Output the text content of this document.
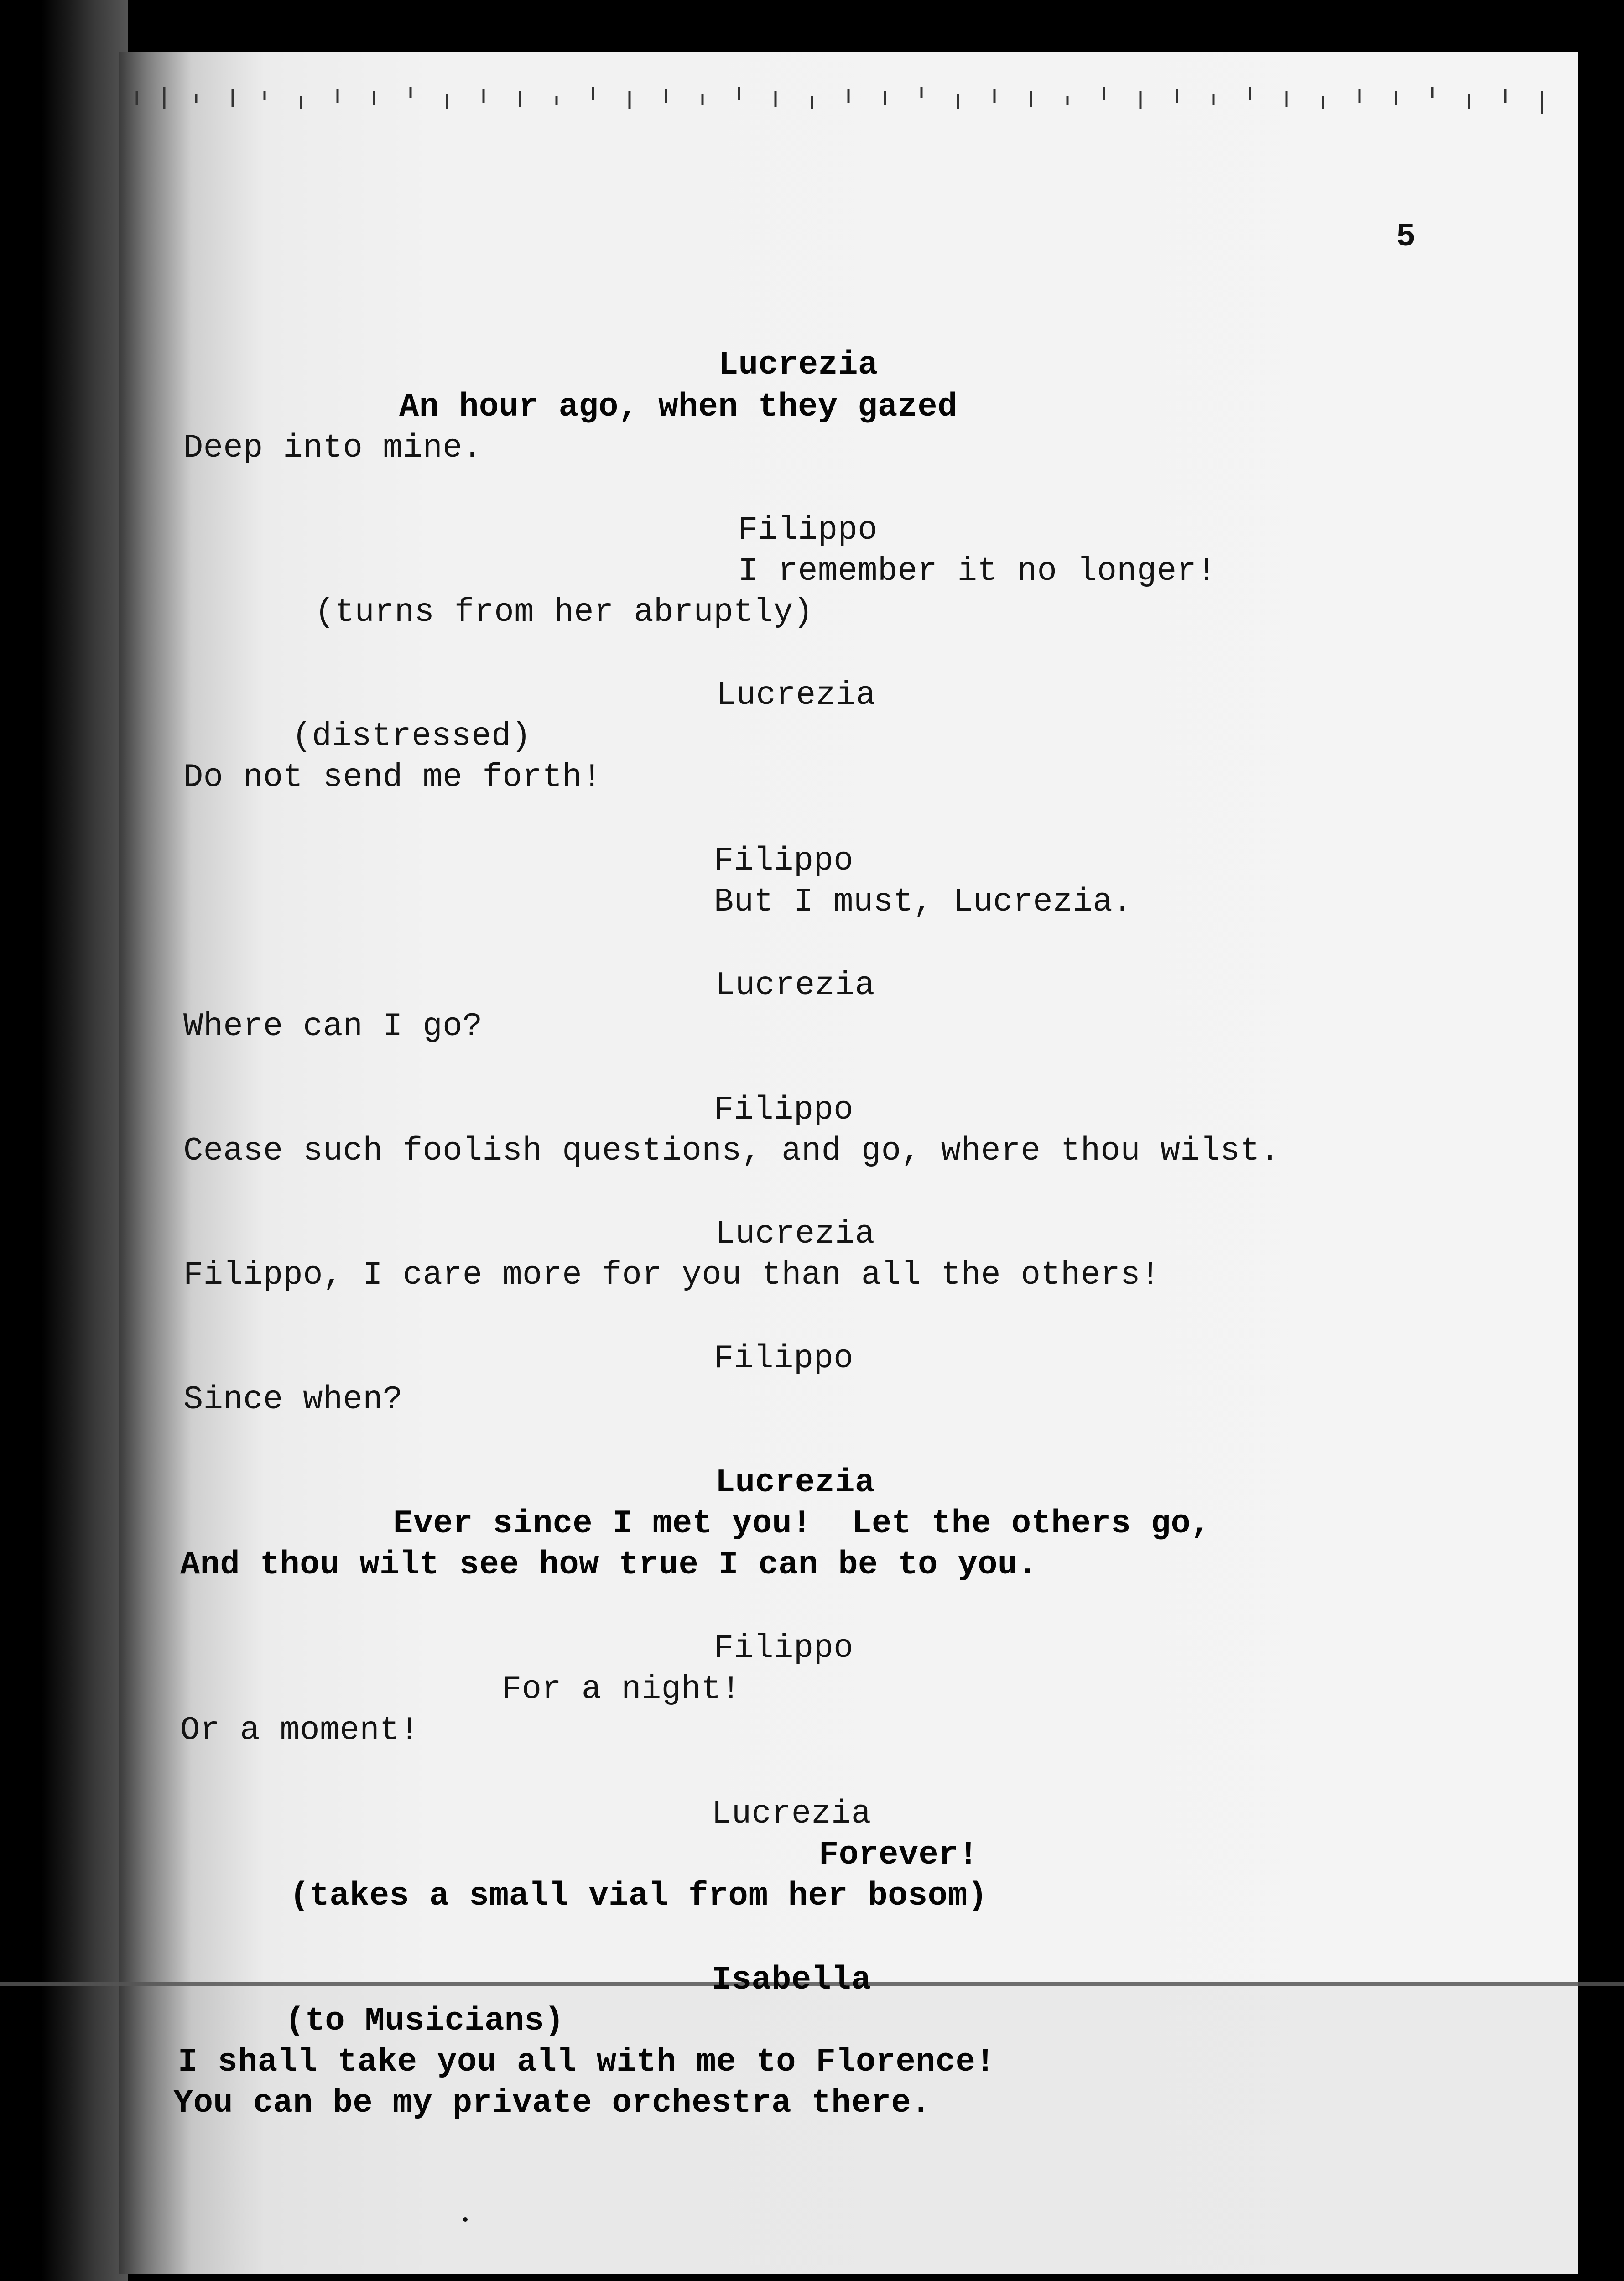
5
Lucrezia
An hour ago, when they gazed
Deep into mine.
Filippo
I remember it no longer!
(turns from her abruptly)
Lucrezia
(distressed)
Do not send me forth!
Filippo
But I must, Lucrezia.
Lucrezia
Where can I go?
Filippo
Cease such foolish questions, and go, where thou wilst.
Lucrezia
Filippo, I care more for you than all the others!
Filippo
Since when?
Lucrezia
Ever since I met you!  Let the others go,
And thou wilt see how true I can be to you.
Filippo
For a night!
Or a moment!
Lucrezia
Forever!
(takes a small vial from her bosom)
Isabella
(to Musicians)
I shall take you all with me to Florence!
You can be my private orchestra there.
